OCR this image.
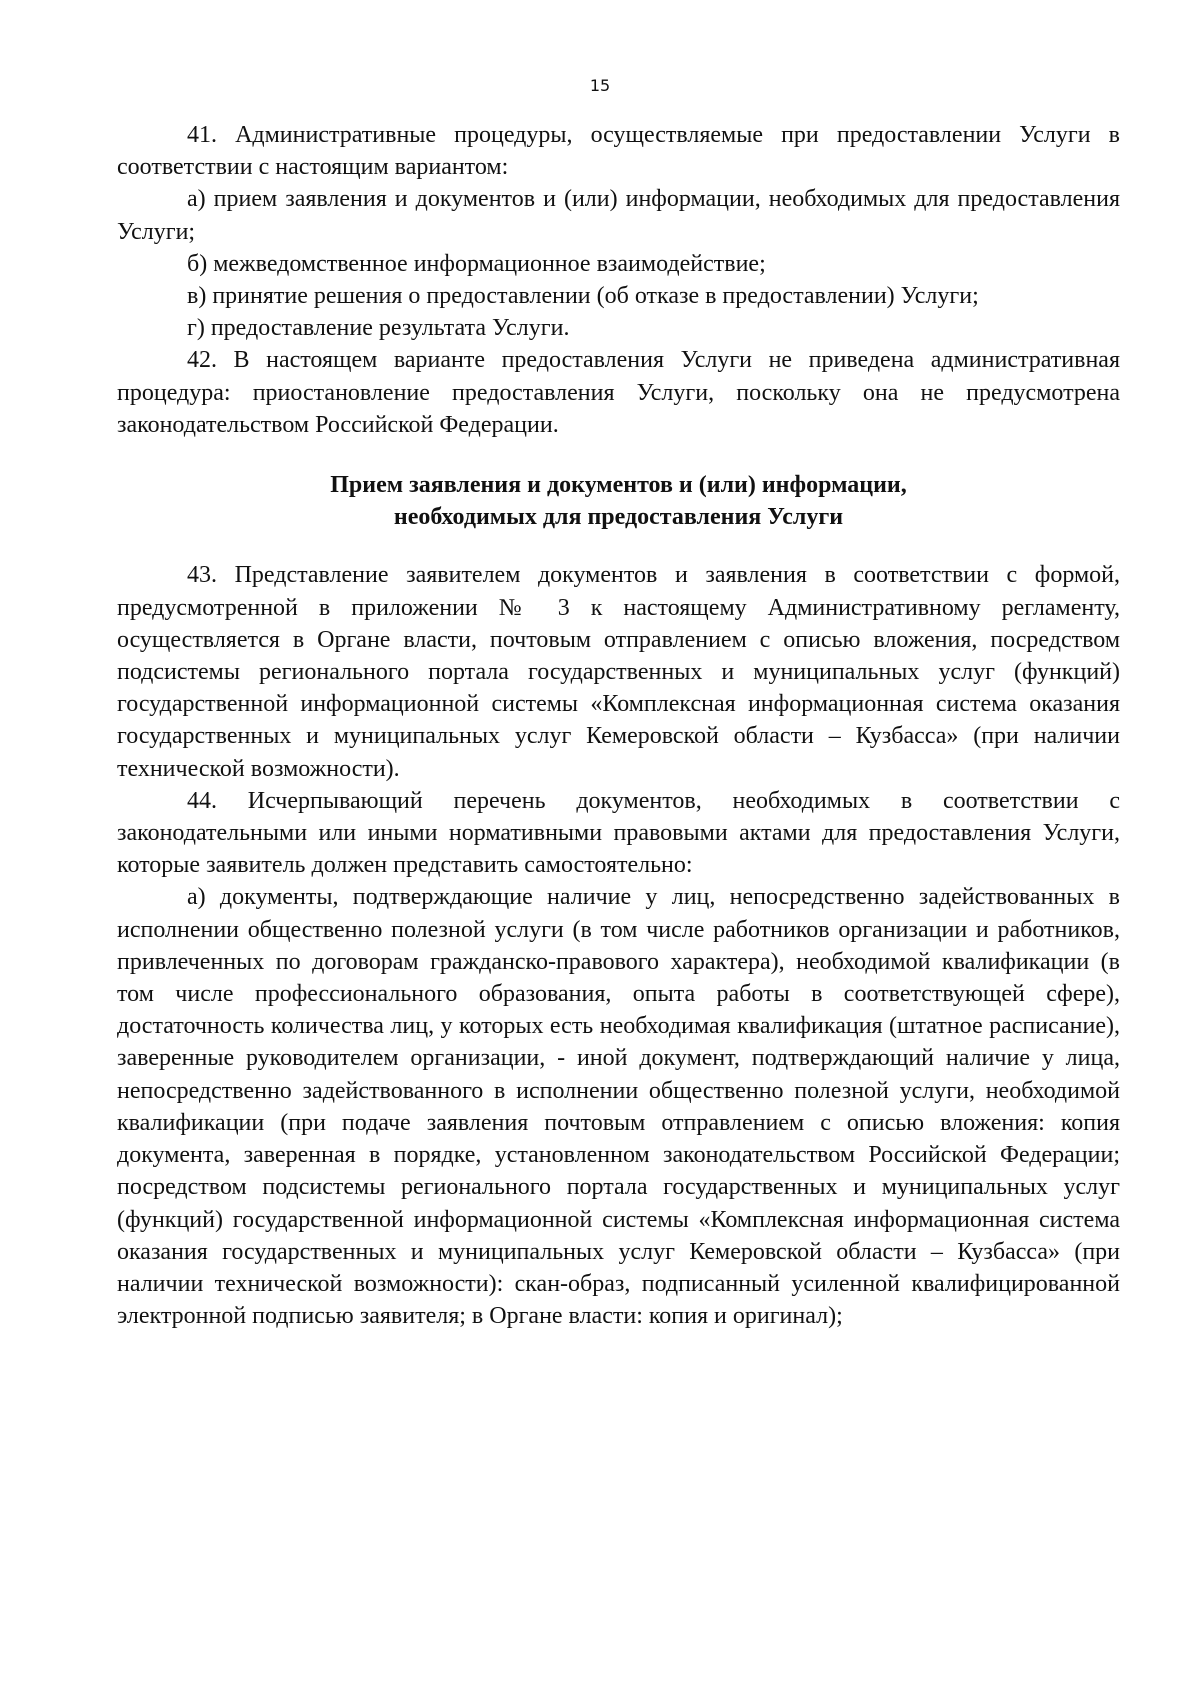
15

41. Административные процедуры, осуществляемые при предоставлении Услуги в соответствии с настоящим вариантом:

а) прием заявления и документов и (или) информации, необходимых для предоставления Услуги;

б) межведомственное информационное взаимодействие;

в) принятие решения о предоставлении (об отказе в предоставлении) Услуги;

г) предоставление результата Услуги.

42. В настоящем варианте предоставления Услуги не приведена административная процедура: приостановление предоставления Услуги, поскольку она не предусмотрена законодательством Российской Федерации.

Прием заявления и документов и (или) информации,
необходимых для предоставления Услуги

43. Представление заявителем документов и заявления в соответствии с формой, предусмотренной в приложении № 3 к настоящему Административному регламенту, осуществляется в Органе власти, почтовым отправлением с описью вложения, посредством подсистемы регионального портала государственных и муниципальных услуг (функций) государственной информационной системы «Комплексная информационная система оказания государственных и муниципальных услуг Кемеровской области – Кузбасса» (при наличии технической возможности).

44. Исчерпывающий перечень документов, необходимых в соответствии с законодательными или иными нормативными правовыми актами для предоставления Услуги, которые заявитель должен представить самостоятельно:

а) документы, подтверждающие наличие у лиц, непосредственно задействованных в исполнении общественно полезной услуги (в том числе работников организации и работников, привлеченных по договорам гражданско-правового характера), необходимой квалификации (в том числе профессионального образования, опыта работы в соответствующей сфере), достаточность количества лиц, у которых есть необходимая квалификация (штатное расписание), заверенные руководителем организации, - иной документ, подтверждающий наличие у лица, непосредственно задействованного в исполнении общественно полезной услуги, необходимой квалификации (при подаче заявления почтовым отправлением с описью вложения: копия документа, заверенная в порядке, установленном законодательством Российской Федерации; посредством подсистемы регионального портала государственных и муниципальных услуг (функций) государственной информационной системы «Комплексная информационная система оказания государственных и муниципальных услуг Кемеровской области – Кузбасса» (при наличии технической возможности): скан-образ, подписанный усиленной квалифицированной электронной подписью заявителя; в Органе власти: копия и оригинал);
